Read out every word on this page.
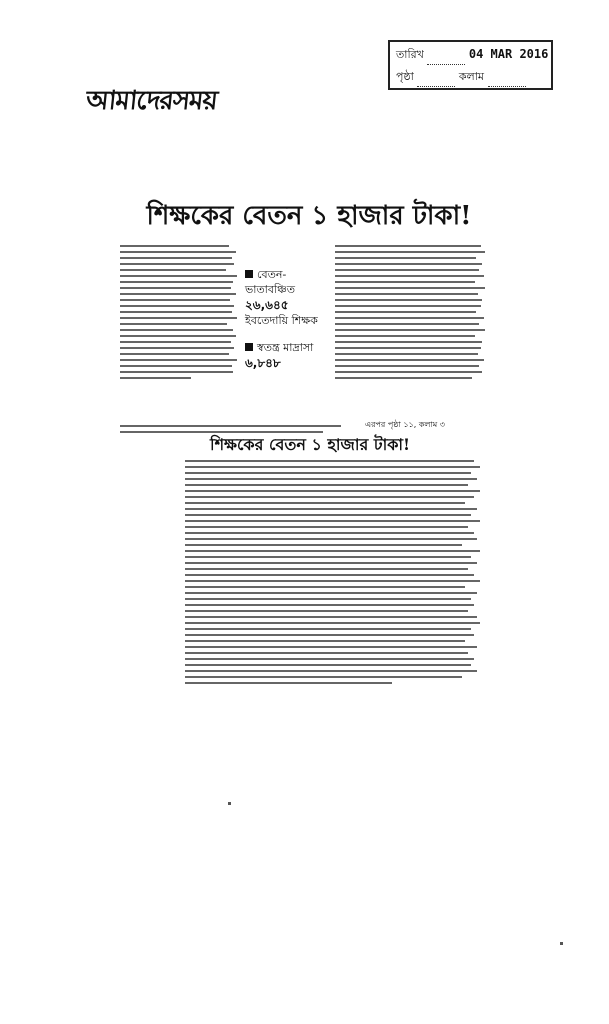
তারিখ	04 MAR 2016
পৃষ্ঠা	কলাম
আমাদেরসময়
শিক্ষকের বেতন ১ হাজার টাকা!
বেতন-ভাতাবঞ্চিত
২৬,৬৪৫
ইবতেদায়ি শিক্ষক
স্বতন্ত্র মাদ্রাসা
৬,৮৪৮
এরপর পৃষ্ঠা ১১, কলাম ৩
শিক্ষকের বেতন ১ হাজার টাকা!
